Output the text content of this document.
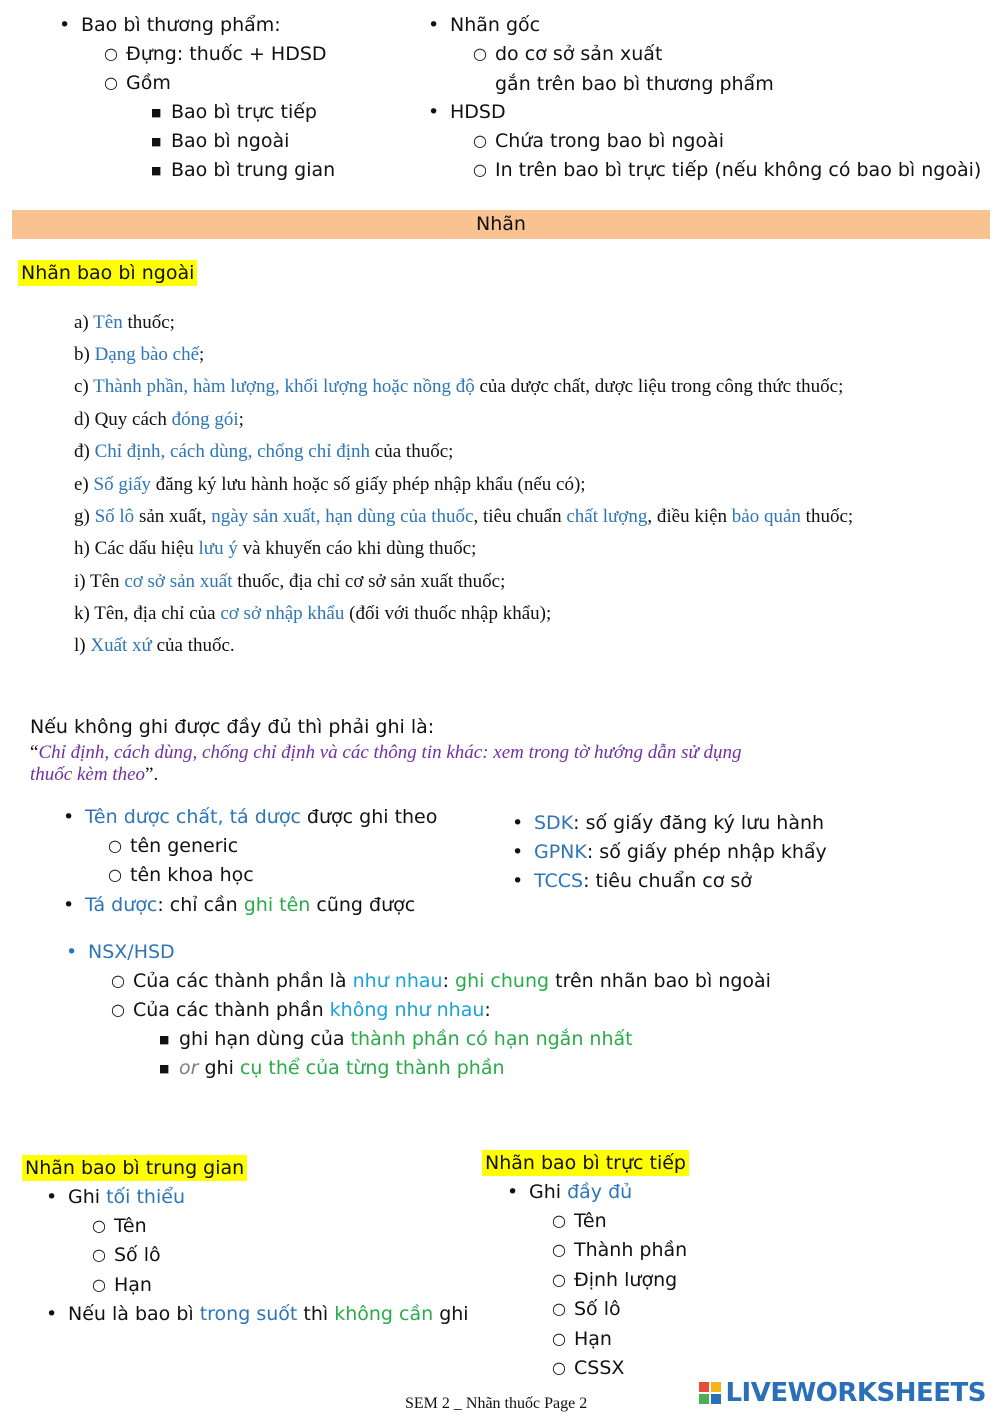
• Bao bì thương phẩm:
○ Đựng: thuốc + HDSD
○ Gồm
■ Bao bì trực tiếp
■ Bao bì ngoài
■ Bao bì trung gian
• Nhãn gốc
○ do cơ sở sản xuất
gắn trên bao bì thương phẩm
• HDSD
○ Chứa trong bao bì ngoài
○ In trên bao bì trực tiếp (nếu không có bao bì ngoài)
Nhãn
Nhãn bao bì ngoài
a) Tên thuốc;
b) Dạng bào chế;
c) Thành phần, hàm lượng, khối lượng hoặc nồng độ của dược chất, dược liệu trong công thức thuốc;
d) Quy cách đóng gói;
đ) Chỉ định, cách dùng, chống chỉ định của thuốc;
e) Số giấy đăng ký lưu hành hoặc số giấy phép nhập khẩu (nếu có);
g) Số lô sản xuất, ngày sản xuất, hạn dùng của thuốc, tiêu chuẩn chất lượng, điều kiện bảo quản thuốc;
h) Các dấu hiệu lưu ý và khuyến cáo khi dùng thuốc;
i) Tên cơ sở sản xuất thuốc, địa chỉ cơ sở sản xuất thuốc;
k) Tên, địa chỉ của cơ sở nhập khẩu (đối với thuốc nhập khẩu);
l) Xuất xứ của thuốc.
Nếu không ghi được đầy đủ thì phải ghi là:
“Chỉ định, cách dùng, chống chỉ định và các thông tin khác: xem trong tờ hướng dẫn sử dụng
thuốc kèm theo”.
• Tên dược chất, tá dược được ghi theo
○ tên generic
○ tên khoa học
• Tá dược: chỉ cần ghi tên cũng được
• SDK: số giấy đăng ký lưu hành
• GPNK: số giấy phép nhập khẩy
• TCCS: tiêu chuẩn cơ sở
• NSX/HSD
○ Của các thành phần là như nhau: ghi chung trên nhãn bao bì ngoài
○ Của các thành phần không như nhau:
■ ghi hạn dùng của thành phần có hạn ngắn nhất
■ or ghi cụ thể của từng thành phần
Nhãn bao bì trung gian
• Ghi tối thiểu
○ Tên
○ Số lô
○ Hạn
• Nếu là bao bì trong suốt thì không cần ghi
Nhãn bao bì trực tiếp
• Ghi đầy đủ
○ Tên
○ Thành phần
○ Định lượng
○ Số lô
○ Hạn
○ CSSX
SEM 2 _ Nhãn thuốc Page 2	LIVEWORKSHEETS
